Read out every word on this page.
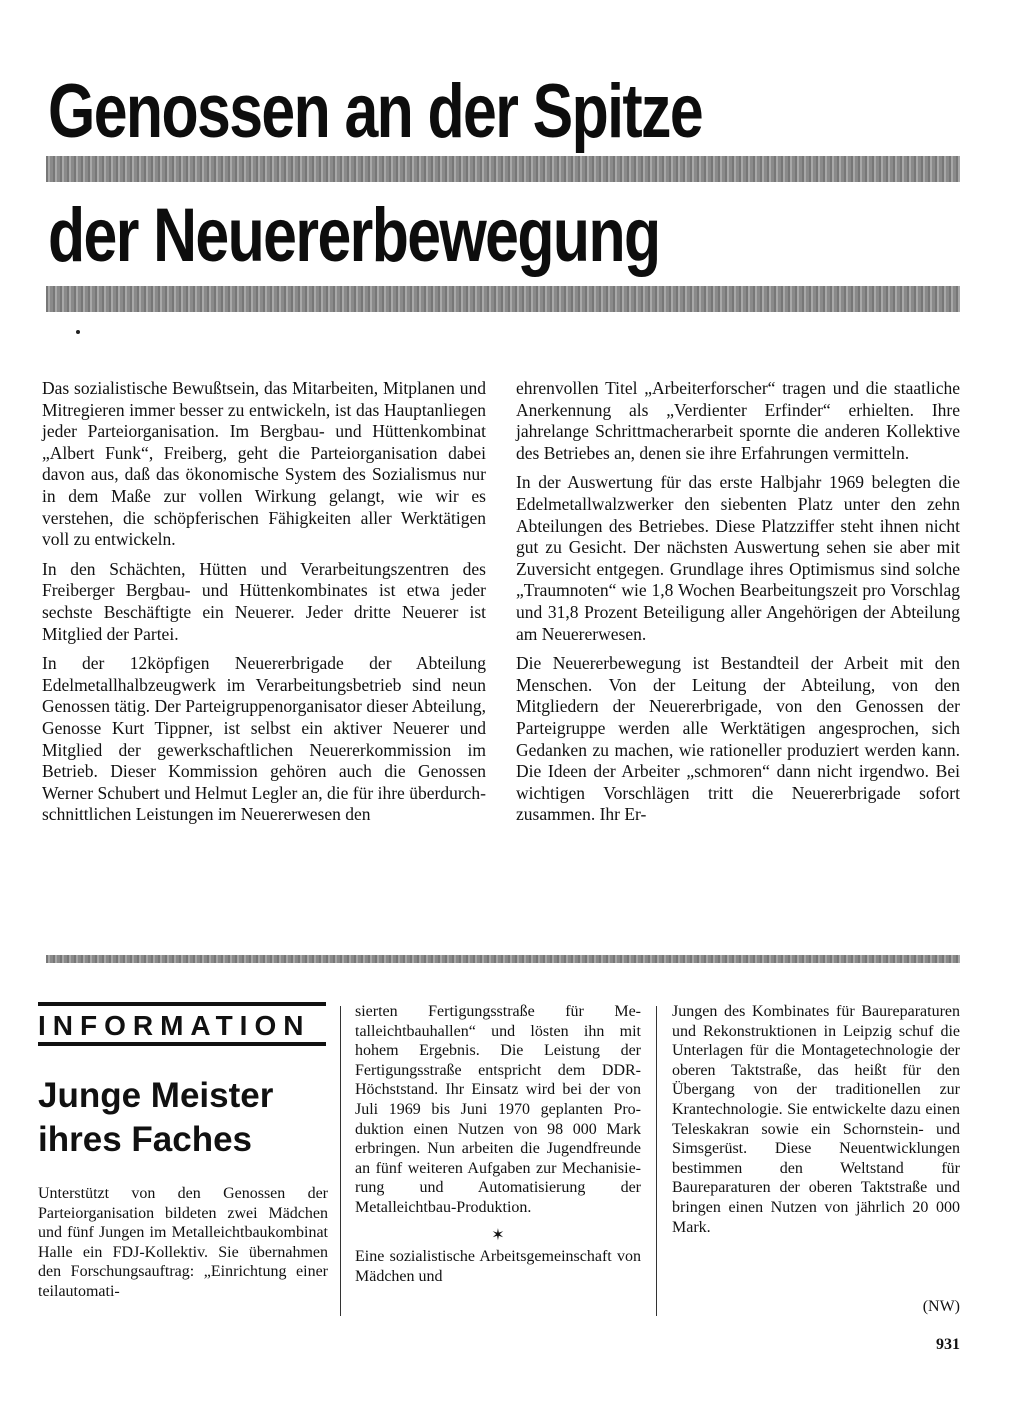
Genossen an der Spitze
der Neuererbewegung

Das sozialistische Bewußtsein, das Mitarbeiten, Mitplanen und Mitregieren immer besser zu entwickeln, ist das Hauptanliegen jeder Parteiorganisation. Im Bergbau- und Hüttenkombinat „Albert Funk“, Freiberg, geht die Parteiorganisation dabei davon aus, daß das ökonomische System des Sozialismus nur in dem Maße zur vollen Wirkung gelangt, wie wir es verstehen, die schöpferischen Fähigkeiten aller Werktätigen voll zu entwickeln.

In den Schächten, Hütten und Verarbeitungszentren des Freiberger Bergbau- und Hüttenkombinates ist etwa jeder sechste Beschäftigte ein Neuerer. Jeder dritte Neuerer ist Mitglied der Partei.

In der 12köpfigen Neuererbrigade der Abteilung Edelmetallhalbzeugwerk im Verarbeitungsbetrieb sind neun Genossen tätig. Der Parteigruppenorganisator dieser Abteilung, Genosse Kurt Tippner, ist selbst ein aktiver Neuerer und Mitglied der gewerkschaftlichen Neuererkommission im Betrieb. Dieser Kommission gehören auch die Genossen Werner Schubert und Helmut Legler an, die für ihre überdurchschnittlichen Leistungen im Neuererwesen den

ehrenvollen Titel „Arbeiterforscher“ tragen und die staatliche Anerkennung als „Verdienter Erfinder“ erhielten. Ihre jahrelange Schrittmacherarbeit spornte die anderen Kollektive des Betriebes an, denen sie ihre Erfahrungen vermitteln.

In der Auswertung für das erste Halbjahr 1969 belegten die Edelmetallwalzwerker den siebenten Platz unter den zehn Abteilungen des Betriebes. Diese Platzziffer steht ihnen nicht gut zu Gesicht. Der nächsten Auswertung sehen sie aber mit Zuversicht entgegen. Grundlage ihres Optimismus sind solche „Traumnoten“ wie 1,8 Wochen Bearbeitungszeit pro Vorschlag und 31,8 Prozent Beteiligung aller Angehörigen der Abteilung am Neuererwesen.

Die Neuererbewegung ist Bestandteil der Arbeit mit den Menschen. Von der Leitung der Abteilung, von den Mitgliedern der Neuererbrigade, von den Genossen der Parteigruppe werden alle Werktätigen angesprochen, sich Gedanken zu machen, wie rationeller produziert werden kann. Die Ideen der Arbeiter „schmoren“ dann nicht irgendwo. Bei wichtigen Vorschlägen tritt die Neuererbrigade sofort zusammen. Ihr Er-

INFORMATION
Junge Meister
ihres Faches

Unterstützt von den Genossen der Parteiorganisation bildeten zwei Mädchen und fünf Jungen im Metalleichtbaukombinat Halle ein FDJ-Kollektiv. Sie übernahmen den Forschungsauftrag: „Einrichtung einer teilautomati-

sierten Fertigungsstraße für Metalleichtbauhallen“ und lösten ihn mit hohem Ergebnis. Die Leistung der Fertigungsstraße entspricht dem DDR-Höchststand. Ihr Einsatz wird bei der von Juli 1969 bis Juni 1970 geplanten Produktion einen Nutzen von 98 000 Mark erbringen. Nun arbeiten die Jugendfreunde an fünf weiteren Aufgaben zur Mechanisierung und Automatisierung der Metalleichtbau-Produktion.

✶

Eine sozialistische Arbeitsgemeinschaft von Mädchen und

Jungen des Kombinates für Baureparaturen und Rekonstruktionen in Leipzig schuf die Unterlagen für die Montagetechnologie der oberen Taktstraße, das heißt für den Übergang von der traditionellen zur Krantechnologie. Sie entwickelte dazu einen Teleskakran sowie ein Schornstein- und Simsgerüst. Diese Neuentwicklungen bestimmen den Weltstand für Baureparaturen der oberen Taktstraße und bringen einen Nutzen von jährlich 20 000 Mark.

(NW)
931
